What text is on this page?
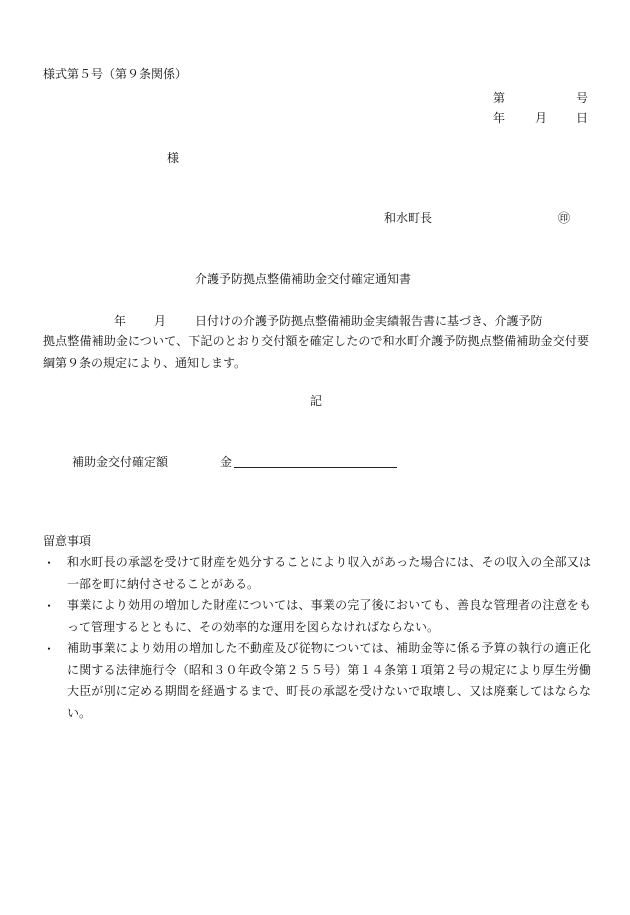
様式第５号（第９条関係）
第	号
年 月 日
様
和水町長	㊞
介護予防拠点整備補助金交付確定通知書
年 月 日付けの介護予防拠点整備補助金実績報告書に基づき、介護予防
拠点整備補助金について、下記のとおり交付額を確定したので和水町介護予防拠点整備補助金交付要綱第９条の規定により、通知します。
記
補助金交付確定額	金
留意事項
・ 和水町長の承認を受けて財産を処分することにより収入があった場合には、その収入の全部又は一部を町に納付させることがある。
・ 事業により効用の増加した財産については、事業の完了後においても、善良な管理者の注意をもって管理するとともに、その効率的な運用を図らなければならない。
・ 補助事業により効用の増加した不動産及び従物については、補助金等に係る予算の執行の適正化に関する法律施行令（昭和３０年政令第２５５号）第１４条第１項第２号の規定により厚生労働大臣が別に定める期間を経過するまで、町長の承認を受けないで取壊し、又は廃棄してはならない。
